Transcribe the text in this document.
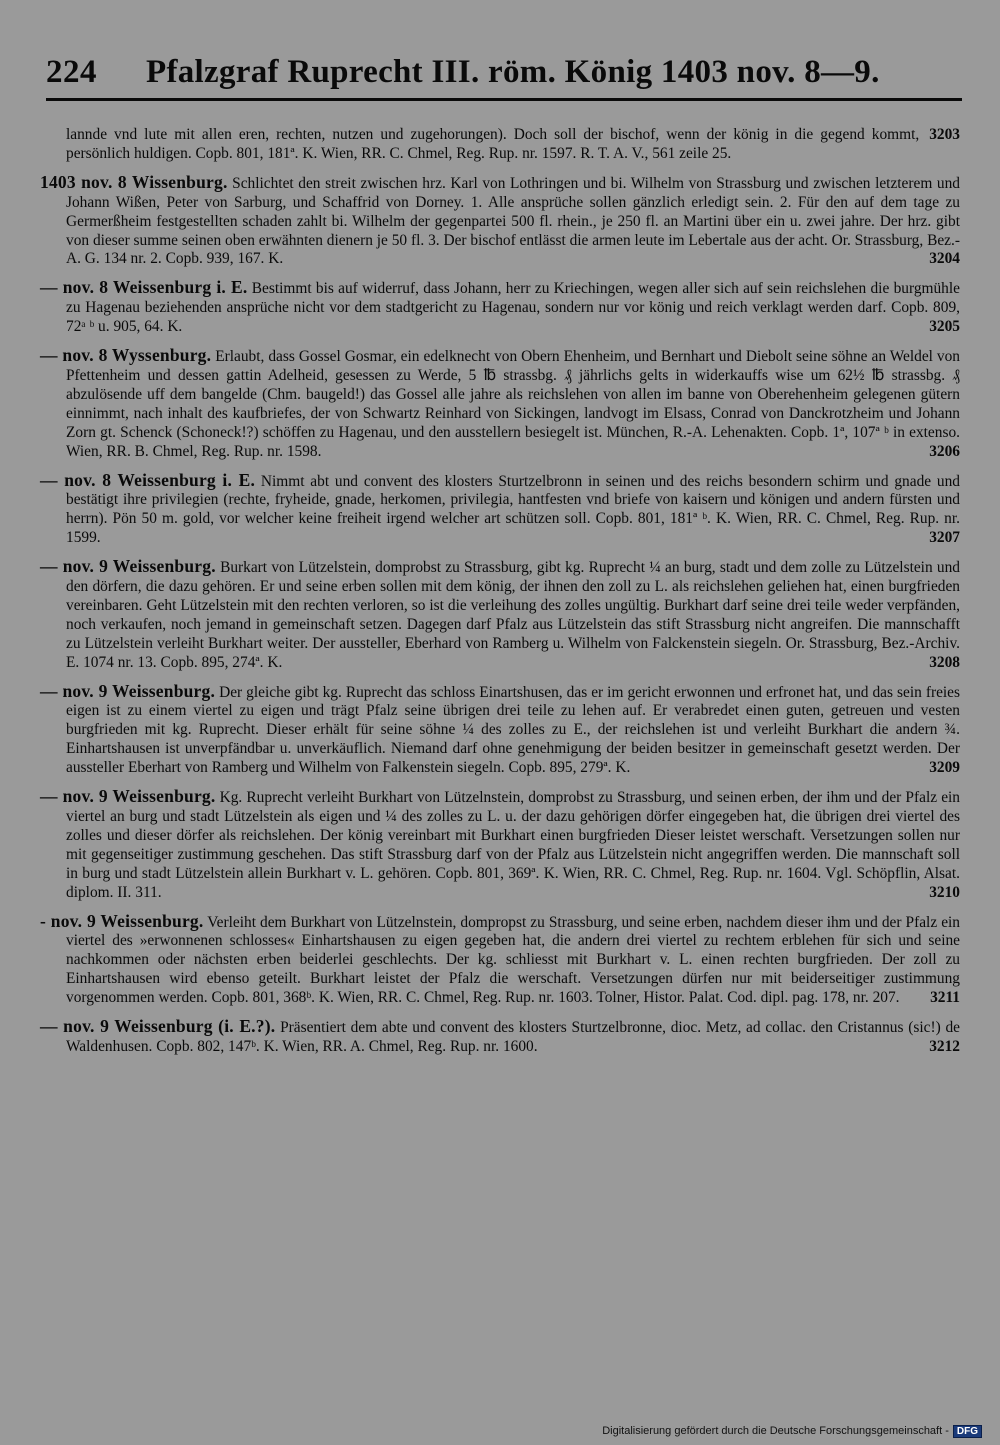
224 Pfalzgraf Ruprecht III. röm. König 1403 nov. 8—9.

3203
lannde vnd lute mit allen eren, rechten, nutzen und zugehorungen). Doch soll der bischof, wenn der könig in die gegend kommt, persönlich huldigen. Copb. 801, 181ª. K. Wien, RR. C. Chmel, Reg. Rup. nr. 1597. R. T. A. V., 561 zeile 25.

1403 nov. 8 Wissenburg. Schlichtet den streit zwischen hrz. Karl von Lothringen und bi. Wilhelm von Strassburg und zwischen letzterem und Johann Wißen, Peter von Sarburg, und Schaffrid von Dorney. 1. Alle ansprüche sollen gänzlich erledigt sein. 2. Für den auf dem tage zu Germerßheim festgestellten schaden zahlt bi. Wilhelm der gegenpartei 500 fl. rhein., je 250 fl. an Martini über ein u. zwei jahre. Der hrz. gibt von dieser summe seinen oben erwähnten dienern je 50 fl. 3. Der bischof entlässt die armen leute im Lebertale aus der acht. Or. Strassburg, Bez.-A. G. 134 nr. 2. Copb. 939, 167. K.	3204

— nov. 8 Weissenburg i. E. Bestimmt bis auf widerruf, dass Johann, herr zu Kriechingen, wegen aller sich auf sein reichslehen die burgmühle zu Hagenau beziehenden ansprüche nicht vor dem stadtgericht zu Hagenau, sondern nur vor könig und reich verklagt werden darf. Copb. 809, 72ᵃ ᵇ u. 905, 64. K.	3205

— nov. 8 Wyssenburg. Erlaubt, dass Gossel Gosmar, ein edelknecht von Obern Ehenheim, und Bernhart und Diebolt seine söhne an Weldel von Pfettenheim und dessen gattin Adelheid, gesessen zu Werde, 5 ℔ strassbg. ₰ jährlichs gelts in widerkauffs wise um 62½ ℔ strassbg. ₰ abzulösende uff dem bangelde (Chm. baugeld!) das Gossel alle jahre als reichslehen von allen im banne von Oberehenheim gelegenen gütern einnimmt, nach inhalt des kaufbriefes, der von Schwartz Reinhard von Sickingen, landvogt im Elsass, Conrad von Danckrotzheim und Johann Zorn gt. Schenck (Schoneck!?) schöffen zu Hagenau, und den ausstellern besiegelt ist. München, R.-A. Lehenakten. Copb. 1ª, 107ª ᵇ in extenso. Wien, RR. B. Chmel, Reg. Rup. nr. 1598.	3206

— nov. 8 Weissenburg i. E. Nimmt abt und convent des klosters Sturtzelbronn in seinen und des reichs besondern schirm und gnade und bestätigt ihre privilegien (rechte, fryheide, gnade, herkomen, privilegia, hantfesten vnd briefe von kaisern und königen und andern fürsten und herrn). Pön 50 m. gold, vor welcher keine freiheit irgend welcher art schützen soll. Copb. 801, 181ª ᵇ. K. Wien, RR. C. Chmel, Reg. Rup. nr. 1599.	3207

— nov. 9 Weissenburg. Burkart von Lützelstein, domprobst zu Strassburg, gibt kg. Ruprecht ¼ an burg, stadt und dem zolle zu Lützelstein und den dörfern, die dazu gehören. Er und seine erben sollen mit dem könig, der ihnen den zoll zu L. als reichslehen geliehen hat, einen burgfrieden vereinbaren. Geht Lützelstein mit den rechten verloren, so ist die verleihung des zolles ungültig. Burkhart darf seine drei teile weder verpfänden, noch verkaufen, noch jemand in gemeinschaft setzen. Dagegen darf Pfalz aus Lützelstein das stift Strassburg nicht angreifen. Die mannschafft zu Lützelstein verleiht Burkhart weiter. Der aussteller, Eberhard von Ramberg u. Wilhelm von Falckenstein siegeln. Or. Strassburg, Bez.-Archiv. E. 1074 nr. 13. Copb. 895, 274ª. K.	3208

— nov. 9 Weissenburg. Der gleiche gibt kg. Ruprecht das schloss Einartshusen, das er im gericht erwonnen und erfronet hat, und das sein freies eigen ist zu einem viertel zu eigen und trägt Pfalz seine übrigen drei teile zu lehen auf. Er verabredet einen guten, getreuen und vesten burgfrieden mit kg. Ruprecht. Dieser erhält für seine söhne ¼ des zolles zu E., der reichslehen ist und verleiht Burkhart die andern ¾. Einhartshausen ist unverpfändbar u. unverkäuflich. Niemand darf ohne genehmigung der beiden besitzer in gemeinschaft gesetzt werden. Der aussteller Eberhart von Ramberg und Wilhelm von Falkenstein siegeln. Copb. 895, 279ª. K.	3209

— nov. 9 Weissenburg. Kg. Ruprecht verleiht Burkhart von Lützelnstein, domprobst zu Strassburg, und seinen erben, der ihm und der Pfalz ein viertel an burg und stadt Lützelstein als eigen und ¼ des zolles zu L. u. der dazu gehörigen dörfer eingegeben hat, die übrigen drei viertel des zolles und dieser dörfer als reichslehen. Der könig vereinbart mit Burkhart einen burgfrieden Dieser leistet werschaft. Versetzungen sollen nur mit gegenseitiger zustimmung geschehen. Das stift Strassburg darf von der Pfalz aus Lützelstein nicht angegriffen werden. Die mannschaft soll in burg und stadt Lützelstein allein Burkhart v. L. gehören. Copb. 801, 369ª. K. Wien, RR. C. Chmel, Reg. Rup. nr. 1604. Vgl. Schöpflin, Alsat. diplom. II. 311.	3210

- nov. 9 Weissenburg. Verleiht dem Burkhart von Lützelnstein, dompropst zu Strassburg, und seine erben, nachdem dieser ihm und der Pfalz ein viertel des »erwonnenen schlosses« Einhartshausen zu eigen gegeben hat, die andern drei viertel zu rechtem erblehen für sich und seine nachkommen oder nächsten erben beiderlei geschlechts. Der kg. schliesst mit Burkhart v. L. einen rechten burgfrieden. Der zoll zu Einhartshausen wird ebenso geteilt. Burkhart leistet der Pfalz die werschaft. Versetzungen dürfen nur mit beiderseitiger zustimmung vorgenommen werden. Copb. 801, 368ᵇ. K. Wien, RR. C. Chmel, Reg. Rup. nr. 1603. Tolner, Histor. Palat. Cod. dipl. pag. 178, nr. 207. 3211

— nov. 9 Weissenburg (i. E.?). Präsentiert dem abte und convent des klosters Sturtzelbronne, dioc. Metz, ad collac. den Cristannus (sic!) de Waldenhusen. Copb. 802, 147ᵇ. K. Wien, RR. A. Chmel, Reg. Rup. nr. 1600.	3212

Digitalisierung gefördert durch die Deutsche Forschungsgemeinschaft - DFG
